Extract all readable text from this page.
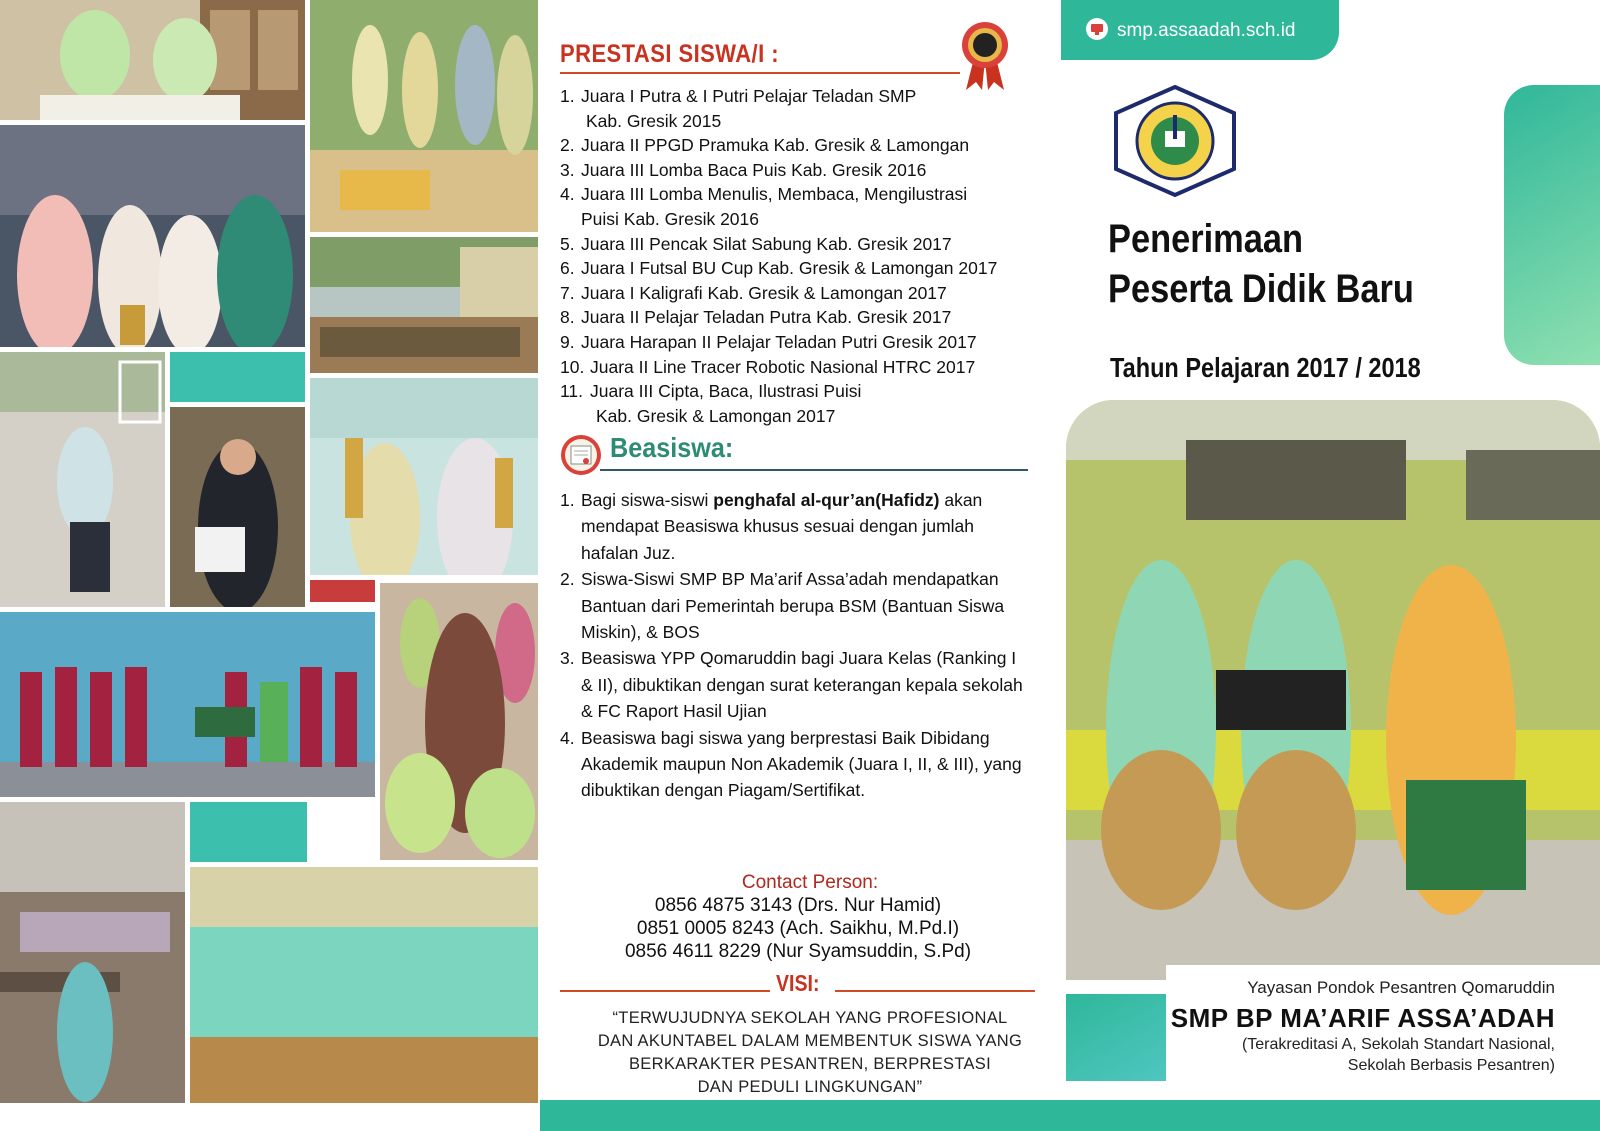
PRESTASI SISWA/I :
1. Juara I Putra & I Putri Pelajar Teladan SMP
Kab. Gresik 2015
2. Juara II PPGD Pramuka Kab. Gresik & Lamongan
3. Juara III Lomba Baca Puis Kab. Gresik 2016
4. Juara III Lomba Menulis, Membaca, Mengilustrasi
Puisi Kab. Gresik 2016
5. Juara III Pencak Silat Sabung Kab. Gresik 2017
6. Juara I Futsal BU Cup Kab. Gresik & Lamongan 2017
7. Juara I Kaligrafi Kab. Gresik & Lamongan 2017
8. Juara II Pelajar Teladan Putra Kab. Gresik 2017
9. Juara Harapan II Pelajar Teladan Putri Gresik 2017
10. Juara II Line Tracer Robotic Nasional HTRC 2017
11. Juara III Cipta, Baca, Ilustrasi Puisi
Kab. Gresik & Lamongan 2017
Beasiswa:
1. Bagi siswa-siswi penghafal al-qur’an(Hafidz) akan mendapat Beasiswa khusus sesuai dengan jumlah hafalan Juz.
2. Siswa-Siswi SMP BP Ma’arif Assa’adah mendapatkan Bantuan dari Pemerintah berupa BSM (Bantuan Siswa Miskin), & BOS
3. Beasiswa YPP Qomaruddin bagi Juara Kelas (Ranking I & II), dibuktikan dengan surat keterangan kepala sekolah & FC Raport Hasil Ujian
4. Beasiswa bagi siswa yang berprestasi Baik Dibidang Akademik maupun Non Akademik (Juara I, II, & III), yang dibuktikan dengan Piagam/Sertifikat.
Contact Person:
0856 4875 3143 (Drs. Nur Hamid)
0851 0005 8243 (Ach. Saikhu, M.Pd.I)
0856 4611 8229 (Nur Syamsuddin, S.Pd)
VISI:
“TERWUJUDNYA SEKOLAH YANG PROFESIONAL
DAN AKUNTABEL DALAM MEMBENTUK SISWA YANG
BERKARAKTER PESANTREN, BERPRESTASI
DAN PEDULI LINGKUNGAN”
smp.assaadah.sch.id
Penerimaan
Peserta Didik Baru
Tahun Pelajaran 2017 / 2018
Yayasan Pondok Pesantren Qomaruddin
SMP BP MA’ARIF ASSA’ADAH
(Terakreditasi A, Sekolah Standart Nasional,
Sekolah Berbasis Pesantren)
